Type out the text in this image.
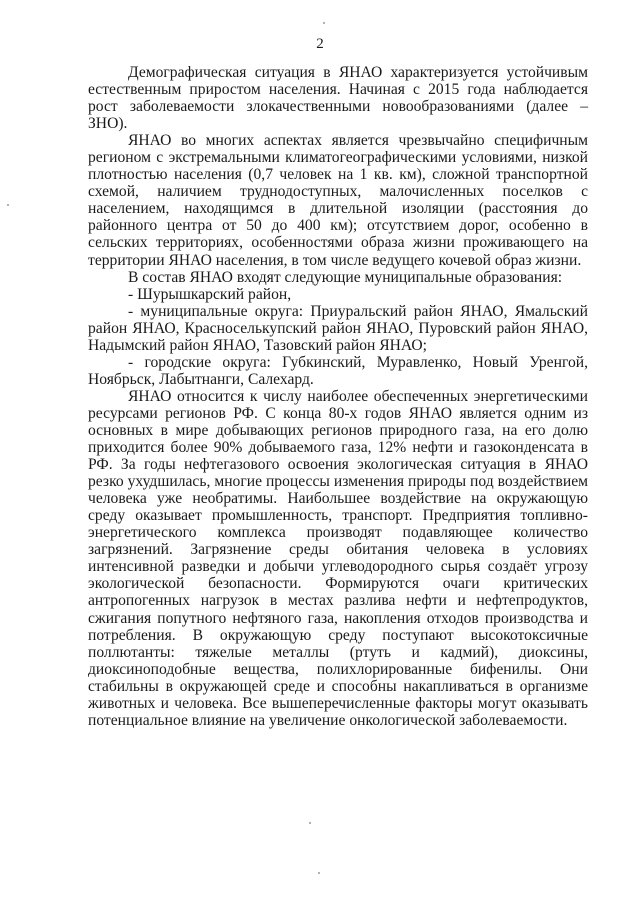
2

Демографическая ситуация в ЯНАО характеризуется устойчивым естественным приростом населения. Начиная с 2015 года наблюдается рост заболеваемости злокачественными новообразованиями (далее – ЗНО).

ЯНАО во многих аспектах является чрезвычайно специфичным регионом с экстремальными климатогеографическими условиями, низкой плотностью населения (0,7 человек на 1 кв. км), сложной транспортной схемой, наличием труднодоступных, малочисленных поселков с населением, находящимся в длительной изоляции (расстояния до районного центра от 50 до 400 км); отсутствием дорог, особенно в сельских территориях, особенностями образа жизни проживающего на территории ЯНАО населения, в том числе ведущего кочевой образ жизни.

В состав ЯНАО входят следующие муниципальные образования:

- Шурышкарский район,

- муниципальные округа: Приуральский район ЯНАО, Ямальский район ЯНАО, Красноселькупский район ЯНАО, Пуровский район ЯНАО, Надымский район ЯНАО, Тазовский район ЯНАО;

- городские округа: Губкинский, Муравленко, Новый Уренгой, Ноябрьск, Лабытнанги, Салехард.

ЯНАО относится к числу наиболее обеспеченных энергетическими ресурсами регионов РФ. С конца 80-х годов ЯНАО является одним из основных в мире добывающих регионов природного газа, на его долю приходится более 90% добываемого газа, 12% нефти и газоконденсата в РФ. За годы нефтегазового освоения экологическая ситуация в ЯНАО резко ухудшилась, многие процессы изменения природы под воздействием человека уже необратимы. Наибольшее воздействие на окружающую среду оказывает промышленность, транспорт. Предприятия топливно-энергетического комплекса производят подавляющее количество загрязнений. Загрязнение среды обитания человека в условиях интенсивной разведки и добычи углеводородного сырья создаёт угрозу экологической безопасности. Формируются очаги критических антропогенных нагрузок в местах разлива нефти и нефтепродуктов, сжигания попутного нефтяного газа, накопления отходов производства и потребления. В окружающую среду поступают высокотоксичные поллютанты: тяжелые металлы (ртуть и кадмий), диоксины, диоксиноподобные вещества, полихлорированные бифенилы. Они стабильны в окружающей среде и способны накапливаться в организме животных и человека. Все вышеперечисленные факторы могут оказывать потенциальное влияние на увеличение онкологической заболеваемости.
